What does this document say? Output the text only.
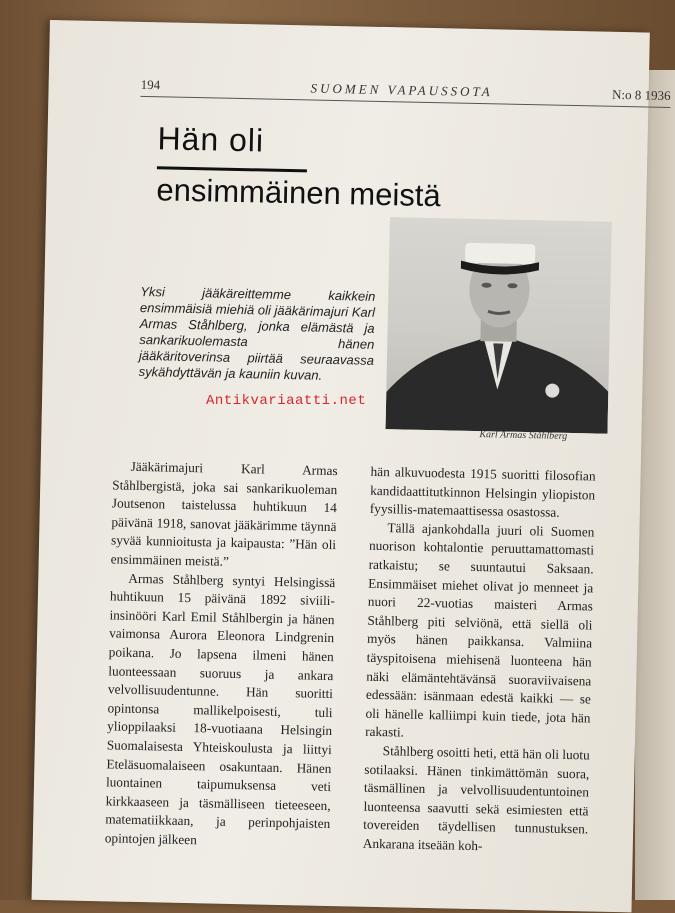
194	SUOMEN VAPAUSSOTA	N:o 8 1936
Hän oli
ensimmäinen meistä
Yksi jääkäreittemme kaikkein ensimmäisiä miehiä oli jääkärimajuri Karl Armas Ståhlberg, jonka elämästä ja sankarikuolemasta hänen jääkäritoverinsa piirtää seuraavassa sykähdyttävän ja kauniin kuvan.
Karl Armas Ståhlberg

Jääkärimajuri Karl Armas Ståhlbergistä, joka sai sankarikuoleman Joutsenon taistelussa huhtikuun 14 päivänä 1918, sanovat jääkärimme täynnä syvää kunnioitusta ja kaipausta: ”Hän oli ensimmäinen meistä.”

Armas Ståhlberg syntyi Helsingissä huhtikuun 15 päivänä 1892 siviili-insinööri Karl Emil Ståhlbergin ja hänen vaimonsa Aurora Eleonora Lindgrenin poikana. Jo lapsena ilmeni hänen luonteessaan suoruus ja ankara velvollisuudentunne. Hän suoritti opintonsa mallikelpoisesti, tuli ylioppilaaksi 18-vuotiaana Helsingin Suomalaisesta Yhteiskoulusta ja liittyi Eteläsuomalaiseen osakuntaan. Hänen luontainen taipumuksensa veti kirkkaaseen ja täsmälliseen tieteeseen, matematiikkaan, ja perinpohjaisten opintojen jälkeen

hän alkuvuodesta 1915 suoritti filosofian kandidaattitutkinnon Helsingin yliopiston fyysillis-matemaattisessa osastossa.

Tällä ajankohdalla juuri oli Suomen nuorison kohtalontie peruuttamattomasti ratkaistu; se suuntautui Saksaan. Ensimmäiset miehet olivat jo menneet ja nuori 22-vuotias maisteri Armas Ståhlberg piti selviönä, että siellä oli myös hänen paikkansa. Valmiina täyspitoisena miehisenä luonteena hän näki elämäntehtävänsä suoraviivaisena edessään: isänmaan edestä kaikki — se oli hänelle kalliimpi kuin tiede, jota hän rakasti.

Ståhlberg osoitti heti, että hän oli luotu sotilaaksi. Hänen tinkimättömän suora, täsmällinen ja velvollisuudentuntoinen luonteensa saavutti sekä esimiesten että tovereiden täydellisen tunnustuksen. Ankarana itseään koh-

Antikvariaatti.net
